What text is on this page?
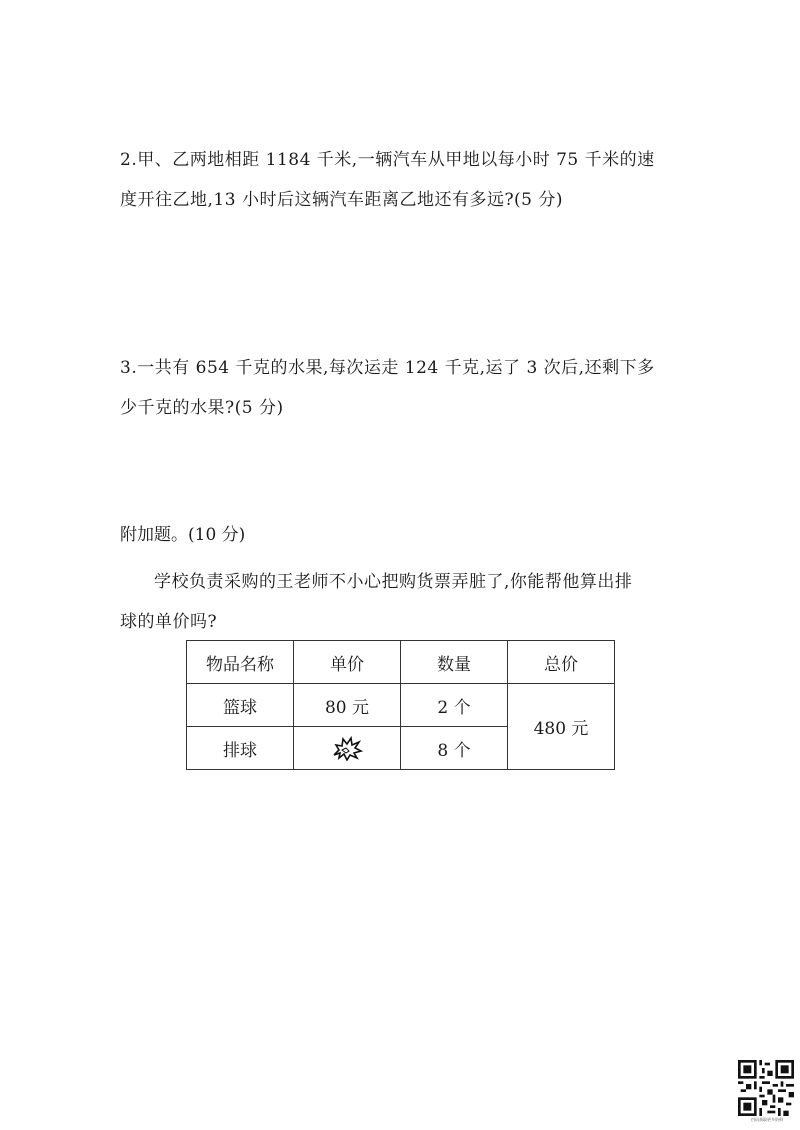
2.甲、乙两地相距 1184 千米,一辆汽车从甲地以每小时 75 千米的速

度开往乙地,13 小时后这辆汽车距离乙地还有多远?(5 分)

3.一共有 654 千克的水果,每次运走 124 千克,运了 3 次后,还剩下多

少千克的水果?(5 分)

附加题。(10 分)
学校负责采购的王老师不小心把购货票弄脏了,你能帮他算出排
球的单价吗?
物品名称	单价	数量	总价
篮球	80 元	2 个	480 元
排球		8 个	
扫码获取更多资料
